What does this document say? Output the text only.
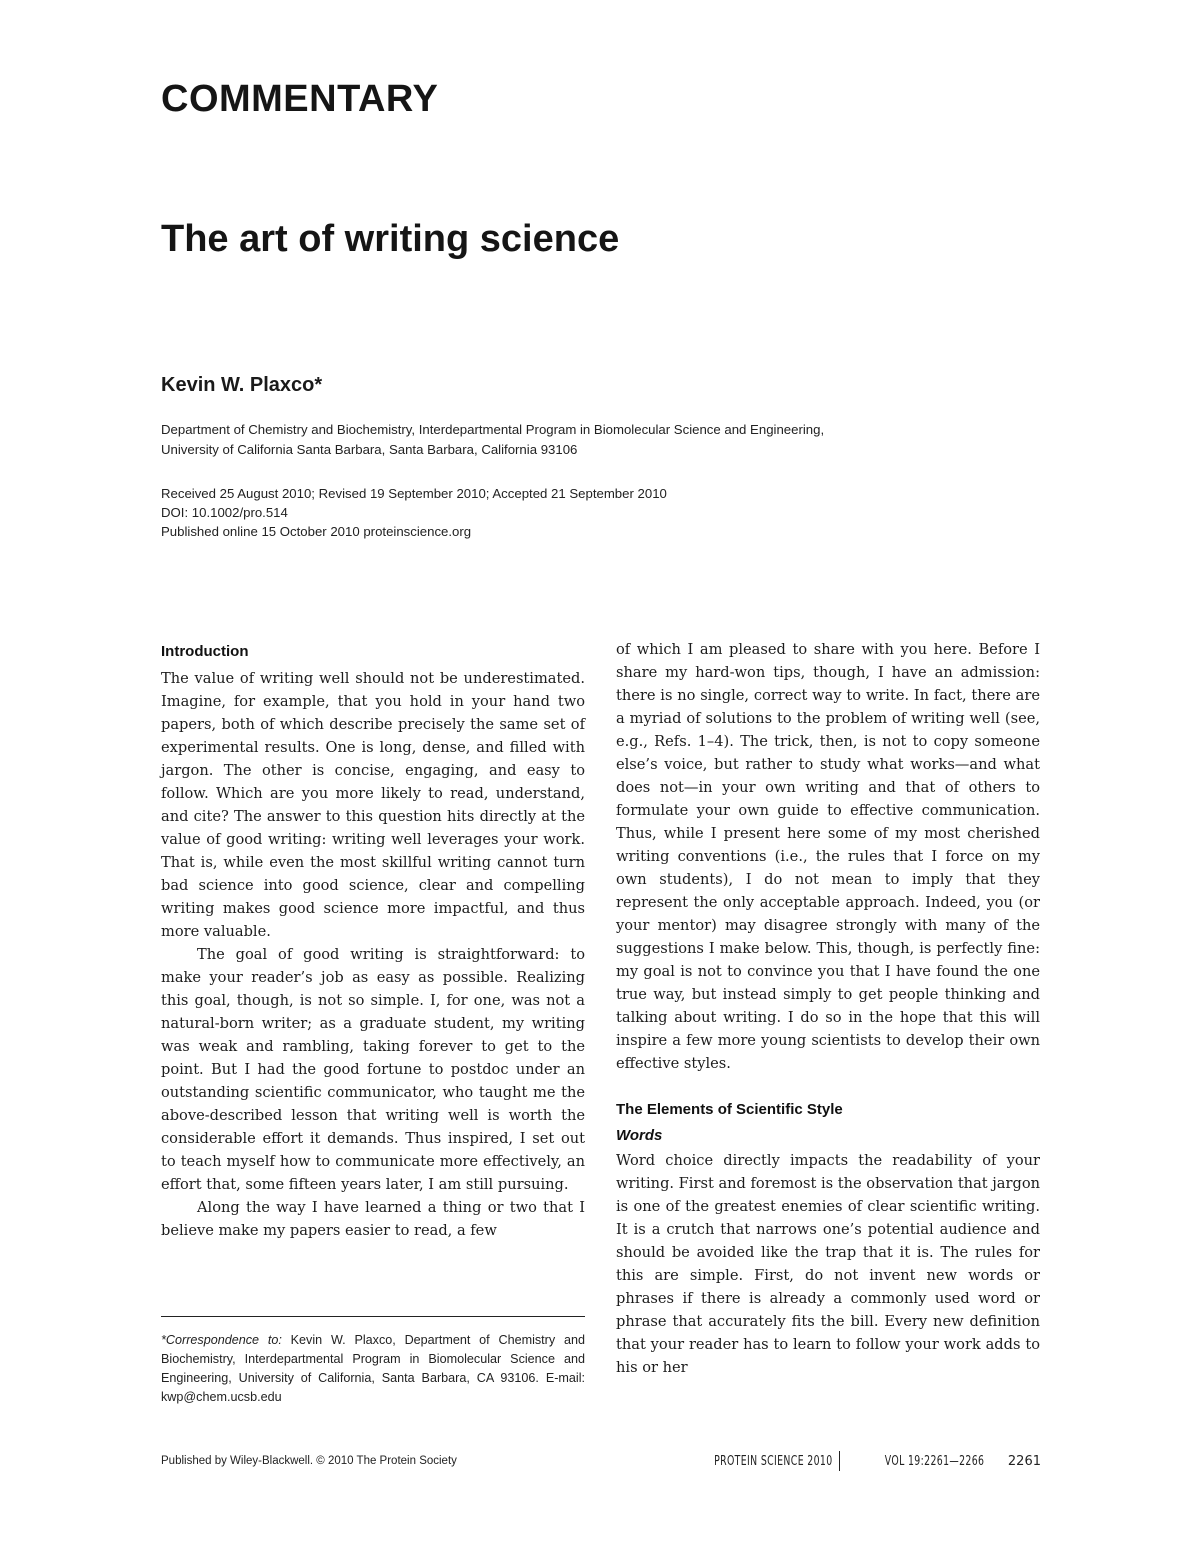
COMMENTARY
The art of writing science
Kevin W. Plaxco*
Department of Chemistry and Biochemistry, Interdepartmental Program in Biomolecular Science and Engineering,
University of California Santa Barbara, Santa Barbara, California 93106
Received 25 August 2010; Revised 19 September 2010; Accepted 21 September 2010
DOI: 10.1002/pro.514
Published online 15 October 2010 proteinscience.org
Introduction

The value of writing well should not be underestimated. Imagine, for example, that you hold in your hand two papers, both of which describe precisely the same set of experimental results. One is long, dense, and filled with jargon. The other is concise, engaging, and easy to follow. Which are you more likely to read, understand, and cite? The answer to this question hits directly at the value of good writing: writing well leverages your work. That is, while even the most skillful writing cannot turn bad science into good science, clear and compelling writing makes good science more impactful, and thus more valuable.

The goal of good writing is straightforward: to make your reader’s job as easy as possible. Realizing this goal, though, is not so simple. I, for one, was not a natural-born writer; as a graduate student, my writing was weak and rambling, taking forever to get to the point. But I had the good fortune to postdoc under an outstanding scientific communicator, who taught me the above-described lesson that writing well is worth the considerable effort it demands. Thus inspired, I set out to teach myself how to communicate more effectively, an effort that, some fifteen years later, I am still pursuing.

Along the way I have learned a thing or two that I believe make my papers easier to read, a few

*Correspondence to: Kevin W. Plaxco, Department of Chemistry and Biochemistry, Interdepartmental Program in Biomolecular Science and Engineering, University of California, Santa Barbara, CA 93106. E-mail: kwp@chem.ucsb.edu

of which I am pleased to share with you here. Before I share my hard-won tips, though, I have an admission: there is no single, correct way to write. In fact, there are a myriad of solutions to the problem of writing well (see, e.g., Refs. 1–4). The trick, then, is not to copy someone else’s voice, but rather to study what works—and what does not—in your own writing and that of others to formulate your own guide to effective communication. Thus, while I present here some of my most cherished writing conventions (i.e., the rules that I force on my own students), I do not mean to imply that they represent the only acceptable approach. Indeed, you (or your mentor) may disagree strongly with many of the suggestions I make below. This, though, is perfectly fine: my goal is not to convince you that I have found the one true way, but instead simply to get people thinking and talking about writing. I do so in the hope that this will inspire a few more young scientists to develop their own effective styles.

The Elements of Scientific Style
Words

Word choice directly impacts the readability of your writing. First and foremost is the observation that jargon is one of the greatest enemies of clear scientific writing. It is a crutch that narrows one’s potential audience and should be avoided like the trap that it is. The rules for this are simple. First, do not invent new words or phrases if there is already a commonly used word or phrase that accurately fits the bill. Every new definition that your reader has to learn to follow your work adds to his or her

Published by Wiley-Blackwell. © 2010 The Protein Society	PROTEIN SCIENCE 2010	VOL 19:2261—2266 2261
